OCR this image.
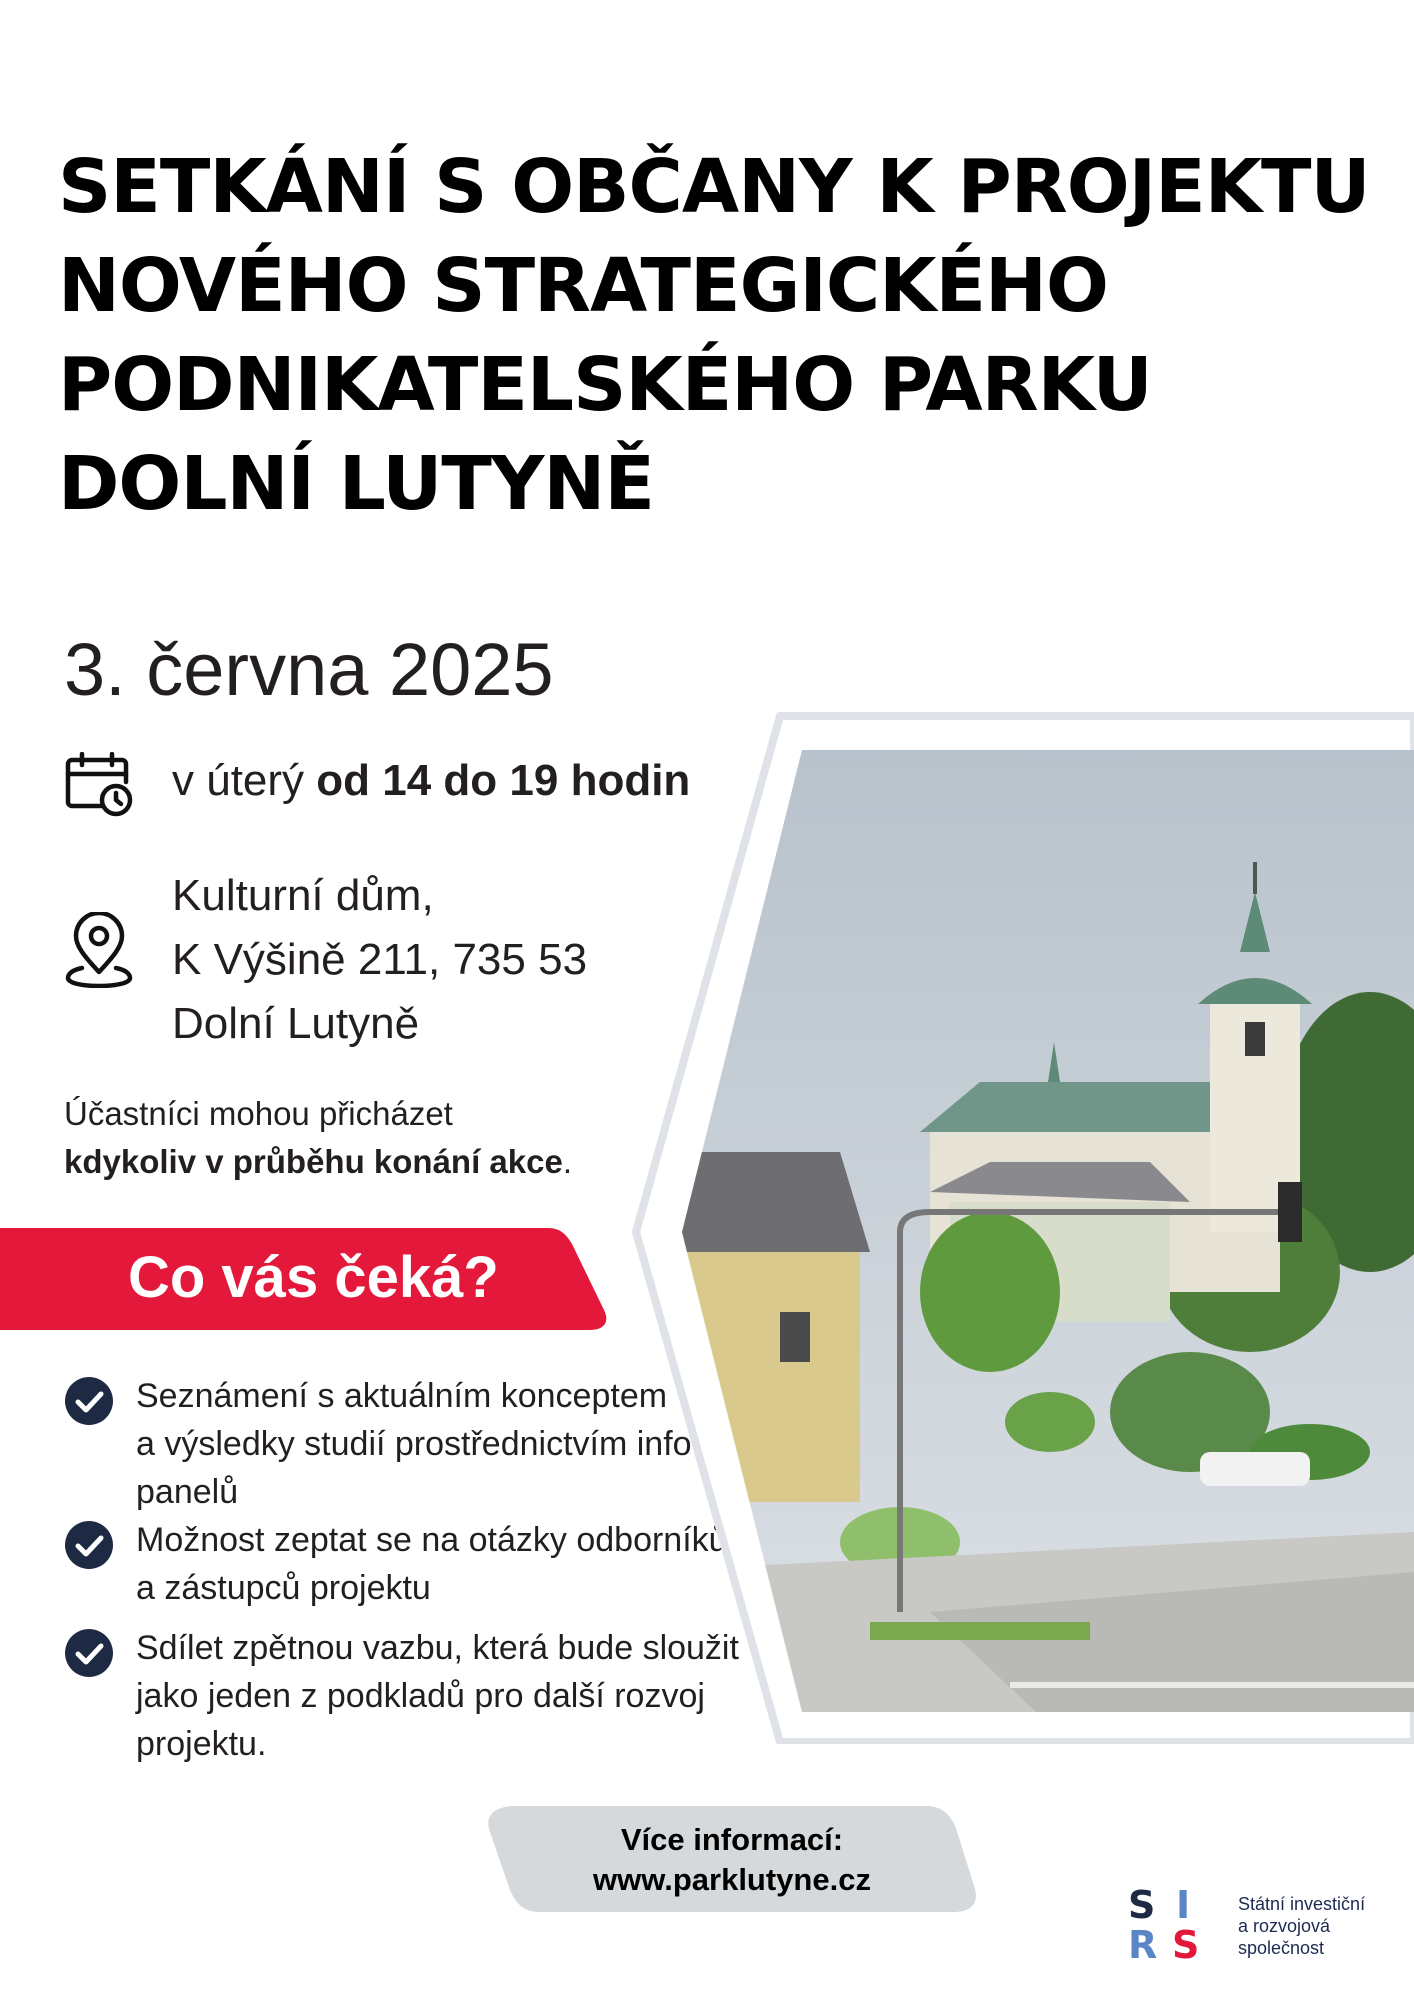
SETKÁNÍ S OBČANY K PROJEKTU
NOVÉHO STRATEGICKÉHO
PODNIKATELSKÉHO PARKU
DOLNÍ LUTYNĚ
3. června 2025
v úterý od 14 do 19 hodin
Kulturní dům,
K Výšině 211, 735 53
Dolní Lutyně
Účastníci mohou přicházet
kdykoliv v průběhu konání akce.
Co vás čeká?
Seznámení s aktuálním konceptem
a výsledky studií prostřednictvím info
panelů
Možnost zeptat se na otázky odborníků
a zástupců projektu
Sdílet zpětnou vazbu, která bude sloužit
jako jeden z podkladů pro další rozvoj
projektu.
Více informací:
www.parklutyne.cz
S I
R S
Státní investiční
a rozvojová
společnost
